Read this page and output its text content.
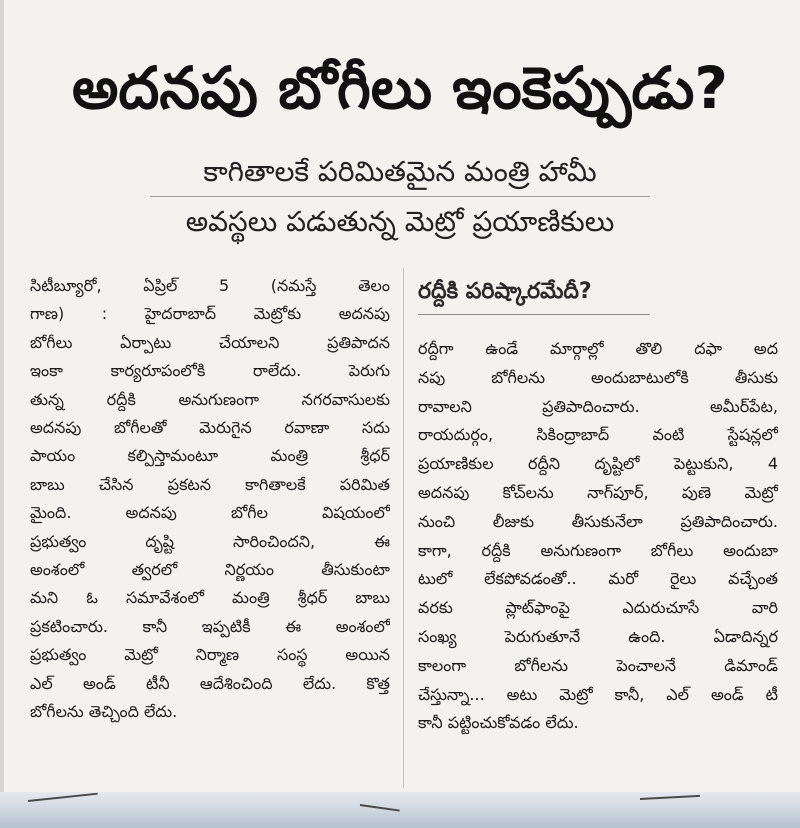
అదనపు బోగీలు ఇంకెప్పుడు?
కాగితాలకే పరిమితమైన మంత్రి హామీ
అవస్థలు పడుతున్న మెట్రో ప్రయాణికులు
సిటీబ్యూరో, ఏప్రిల్ 5 (నమస్తే తెలం
గాణ) : హైదరాబాద్ మెట్రోకు అదనపు
బోగీలు ఏర్పాటు చేయాలని ప్రతిపాదన
ఇంకా కార్యరూపంలోకి రాలేదు. పెరుగు
తున్న రద్దీకి అనుగుణంగా నగరవాసులకు
అదనపు బోగీలతో మెరుగైన రవాణా సదు
పాయం కల్పిస్తామంటూ మంత్రి శ్రీధర్
బాబు చేసిన ప్రకటన కాగితాలకే పరిమిత
మైంది. అదనపు బోగీల విషయంలో
ప్రభుత్వం దృష్టి సారించిందని, ఈ
అంశంలో త్వరలో నిర్ణయం తీసుకుంటా
మని ఓ సమావేశంలో మంత్రి శ్రీధర్ బాబు
ప్రకటించారు. కానీ ఇప్పటికీ ఈ అంశంలో
ప్రభుత్వం మెట్రో నిర్మాణ సంస్థ అయిన
ఎల్ అండ్ టీనీ ఆదేశించింది లేదు. కొత్త
బోగీలను తెచ్చింది లేదు.
రద్దీకి పరిష్కారమేదీ?
రద్దీగా ఉండే మార్గాల్లో తొలి దఫా అద
నపు బోగీలను అందుబాటులోకి తీసుకు
రావాలని ప్రతిపాదించారు. అమీర్‌పేట,
రాయదుర్గం, సికింద్రాబాద్ వంటి స్టేషన్లలో
ప్రయాణికుల రద్దీని దృష్టిలో పెట్టుకుని, 4
అదనపు కోచ్‌లను నాగ్‌పూర్, పుణె మెట్రో
నుంచి లీజుకు తీసుకునేలా ప్రతిపాదించారు.
కాగా, రద్దీకి అనుగుణంగా బోగీలు అందుబా
టులో లేకపోవడంతో.. మరో రైలు వచ్చేంత
వరకు ప్లాట్‌ఫాంపై ఎదురుచూసే వారి
సంఖ్య పెరుగుతూనే ఉంది. ఏడాదిన్నర
కాలంగా బోగీలను పెంచాలనే డిమాండ్
చేస్తున్నా... అటు మెట్రో కానీ, ఎల్ అండ్ టీ
కానీ పట్టించుకోవడం లేదు.
